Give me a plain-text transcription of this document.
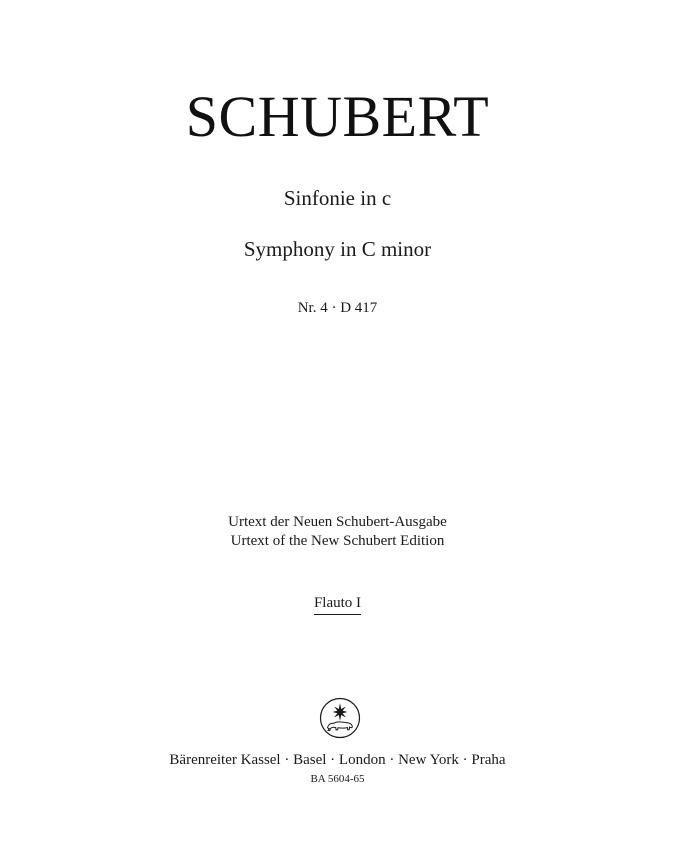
SCHUBERT
Sinfonie in c
Symphony in C minor
Nr. 4 · D 417
Urtext der Neuen Schubert-Ausgabe
Urtext of the New Schubert Edition
Flauto I
Bärenreiter Kassel · Basel · London · New York · Praha
BA 5604-65
